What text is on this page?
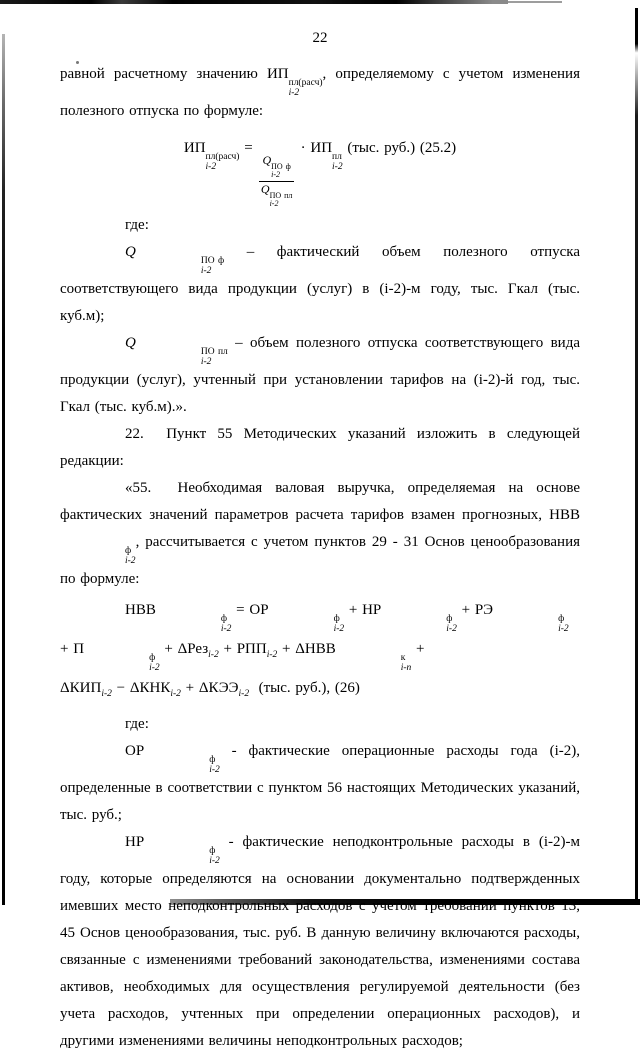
22

равной расчетному значению ИП
пл(расч)
i-2
, определяемому с учетом изменения полезного отпуска по формуле:

ИП
пл(расч)
i-2
=
Q ПО ф
i-2
Q ПО пл
i-2
· ИП
пл
i-2
(тыс. руб.) (25.2)

где:

Q
ПО ф
i-2
– фактический объем полезного отпуска соответствующего вида продукции (услуг) в (i-2)-м году, тыс. Гкал (тыс. куб.м);

Q
ПО пл
i-2
– объем полезного отпуска соответствующего вида продукции (услуг), учтенный при установлении тарифов на (i-2)-й год, тыс. Гкал (тыс. куб.м).».

22.  Пункт 55 Методических указаний изложить в следующей редакции:

«55.  Необходимая валовая выручка, определяемая на основе фактических значений параметров расчета тарифов взамен прогнозных, НВВ
ф
i-2
, рассчитывается с учетом пунктов 29 - 31 Основ ценообразования по формуле:

НВВ
ф
i-2
= ОР
ф
i-2
+ НР
ф
i-2
+ РЭ
ф
i-2
+ П
ф
i-2
+ $\Delta Рез_{i-2} + РПП_{i-2} + \Delta НВВ$
к
i-n
+
$\Delta КИП_{i-2} - \Delta КНК_{i-2} + \Delta КЭЭ_{i-2}$  (тыс. руб.), (26)

где:

ОР
ф
i-2
- фактические операционные расходы года (i-2), определенные в соответствии с пунктом 56 настоящих Методических указаний, тыс. руб.;

НР
ф
i-2
- фактические неподконтрольные расходы в (i-2)-м году, которые определяются на основании документально подтвержденных имевших место неподконтрольных расходов с учетом требований пунктов 13, 45 Основ ценообразования, тыс. руб. В данную величину включаются расходы, связанные с изменениями требований законодательства, изменениями состава активов, необходимых для осуществления регулируемой деятельности (без учета расходов, учтенных при определении операционных расходов), и другими изменениями величины неподконтрольных расходов;
